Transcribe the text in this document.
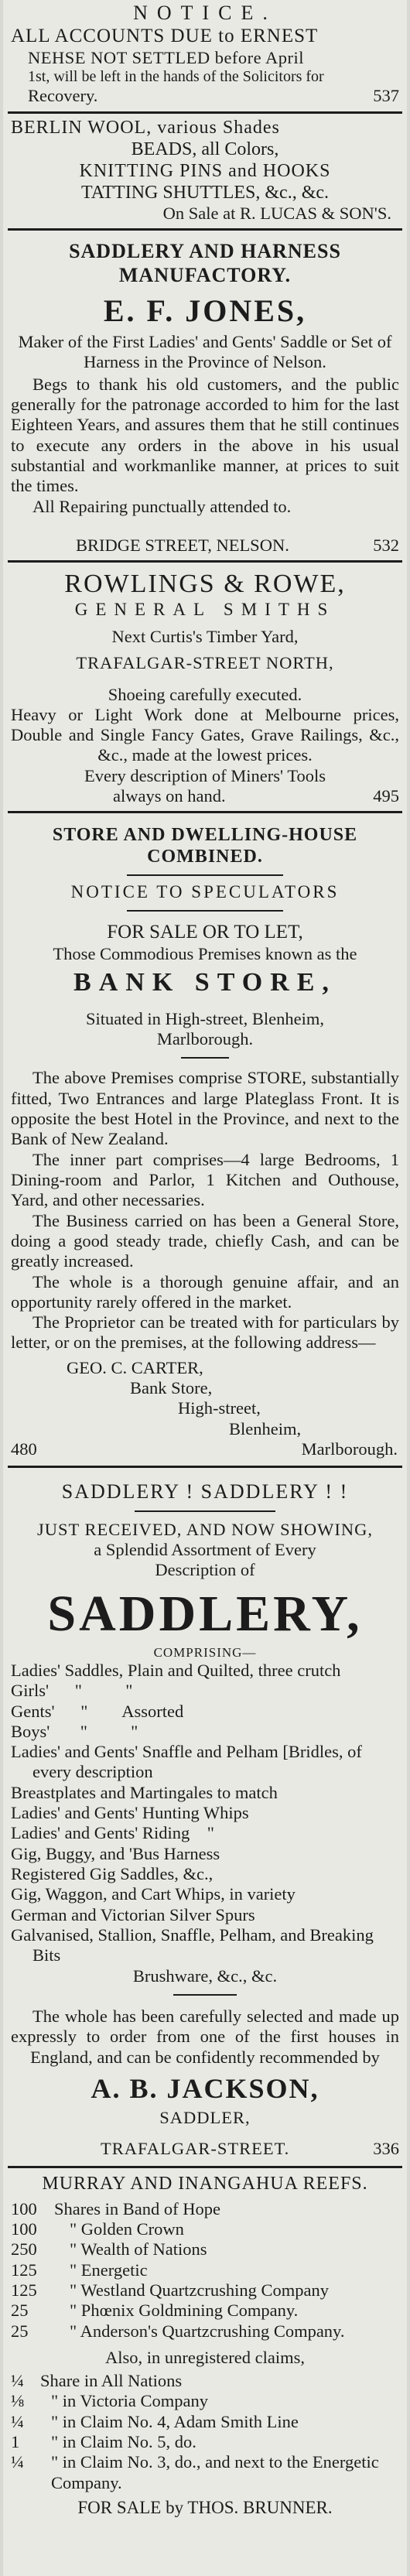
NOTICE.
ALL ACCOUNTS DUE to ERNEST
NEHSE NOT SETTLED before April
1st, will be left in the hands of the Solicitors for
537
Recovery.
BERLIN WOOL, various Shades
BEADS, all Colors,
KNITTING PINS and HOOKS
TATTING SHUTTLES, &c., &c.
On Sale at R. LUCAS & SON'S.
SADDLERY AND HARNESS
MANUFACTORY.
E. F. JONES,
Maker of the First Ladies' and Gents' Saddle or Set of Harness in the Province of Nelson.
Begs to thank his old customers, and the public generally for the patronage accorded to him for the last Eighteen Years, and assures them that he still continues to execute any orders in the above in his usual substantial and workmanlike manner, at prices to suit the times.
All Repairing punctually attended to.
532
BRIDGE STREET, NELSON.
ROWLINGS & ROWE,
GENERAL SMITHS
Next Curtis's Timber Yard,
TRAFALGAR-STREET NORTH,
Shoeing carefully executed.
Heavy or Light Work done at Melbourne prices, Double and Single Fancy Gates, Grave Railings, &c., &c., made at the lowest prices.
Every description of Miners' Tools
495
always on hand.
STORE AND DWELLING-HOUSE
COMBINED.
NOTICE TO SPECULATORS
FOR SALE OR TO LET,
Those Commodious Premises known as the
BANK STORE,
Situated in High-street, Blenheim, Marlborough.
The above Premises comprise STORE, substantially fitted, Two Entrances and large Plateglass Front. It is opposite the best Hotel in the Province, and next to the Bank of New Zealand.
The inner part comprises—4 large Bedrooms, 1 Dining-room and Parlor, 1 Kitchen and Outhouse, Yard, and other necessaries.
The Business carried on has been a General Store, doing a good steady trade, chiefly Cash, and can be greatly increased.
The whole is a thorough genuine affair, and an opportunity rarely offered in the market.
The Proprietor can be treated with for particulars by letter, or on the premises, at the following address—
GEO. C. CARTER,
Bank Store,
High-street,
Blenheim,
480	Marlborough.
SADDLERY ! SADDLERY ! !
JUST RECEIVED, AND NOW SHOWING,
a Splendid Assortment of Every
Description of
SADDLERY,
COMPRISING—
Ladies' Saddles, Plain and Quilted, three crutch
Girls'      "          "
Gents'      "        Assorted
Boys'       "          "
Ladies' and Gents' Snaffle and Pelham [Bridles, of every description
Breastplates and Martingales to match
Ladies' and Gents' Hunting Whips
Ladies' and Gents' Riding    "
Gig, Buggy, and 'Bus Harness
Registered Gig Saddles, &c.,
Gig, Waggon, and Cart Whips, in variety
German and Victorian Silver Spurs
Galvanised, Stallion, Snaffle, Pelham, and Breaking Bits
Brushware, &c., &c.
The whole has been carefully selected and made up expressly to order from one of the first houses in England, and can be confidently recommended by
A. B. JACKSON,
SADDLER,
336
TRAFALGAR-STREET.
MURRAY AND INANGAHUA REEFS.
100 Shares in Band of Hope
100	" Golden Crown
250	" Wealth of Nations
125	" Energetic
125	" Westland Quartzcrushing Company
25	" Phœnix Goldmining Company.
25	" Anderson's Quartzcrushing Company.
Also, in unregistered claims,
¼ Share in All Nations
⅛	" in Victoria Company
¼	" in Claim No. 4, Adam Smith Line
1	" in Claim No. 5, do.
¼	" in Claim No. 3, do., and next to the Energetic Company.
FOR SALE by THOS. BRUNNER.
